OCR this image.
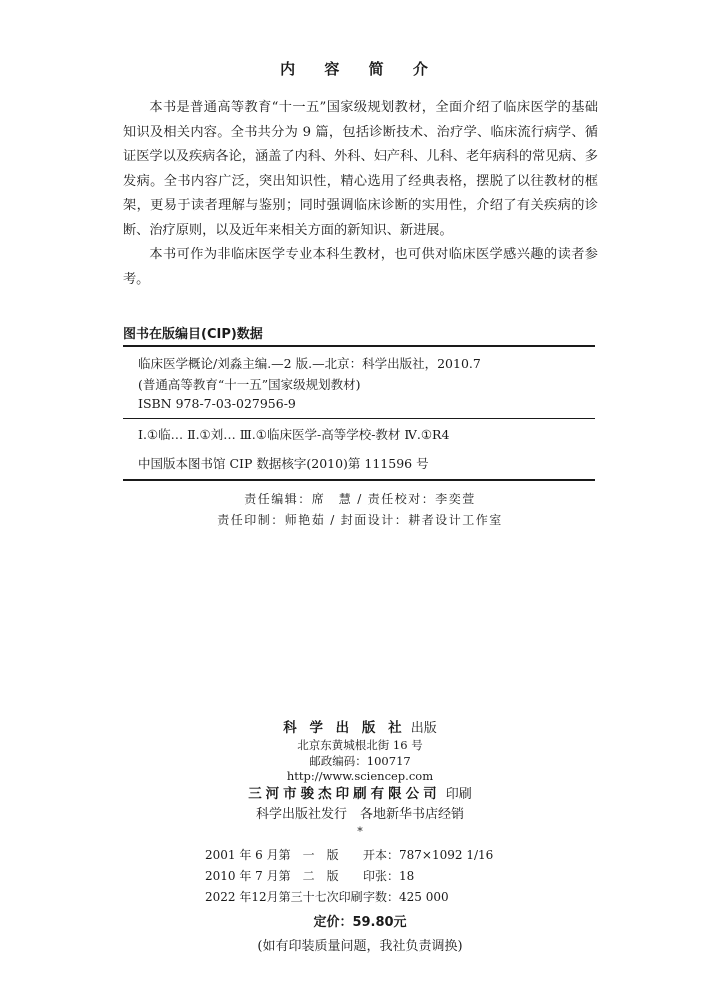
内 容 简 介

本书是普通高等教育“十一五”国家级规划教材，全面介绍了临床医学的基础知识及相关内容。全书共分为 9 篇，包括诊断技术、治疗学、临床流行病学、循证医学以及疾病各论，涵盖了内科、外科、妇产科、儿科、老年病科的常见病、多发病。全书内容广泛，突出知识性，精心选用了经典表格，摆脱了以往教材的框架，更易于读者理解与鉴别；同时强调临床诊断的实用性，介绍了有关疾病的诊断、治疗原则，以及近年来相关方面的新知识、新进展。

本书可作为非临床医学专业本科生教材，也可供对临床医学感兴趣的读者参考。

图书在版编目(CIP)数据
临床医学概论/刘淼主编.—2 版.—北京：科学出版社，2010.7
(普通高等教育“十一五”国家级规划教材)
ISBN 978-7-03-027956-9
Ⅰ.①临… Ⅱ.①刘… Ⅲ.①临床医学-高等学校-教材 Ⅳ.①R4
中国版本图书馆 CIP 数据核字(2010)第 111596 号
责任编辑：席　慧 / 责任校对：李奕萱
责任印制：师艳茹 / 封面设计：耕者设计工作室
科 学 出 版 社 出版
北京东黄城根北街 16 号
邮政编码：100717
http://www.sciencep.com
三河市骏杰印刷有限公司 印刷
科学出版社发行　各地新华书店经销
*
2001 年 6 月第　一　版 开本：787×1092 1/16
2010 年 7 月第　二　版 印张：18
2022 年12月第三十七次印刷字数：425 000
定价：59.80元
(如有印装质量问题，我社负责调换)
